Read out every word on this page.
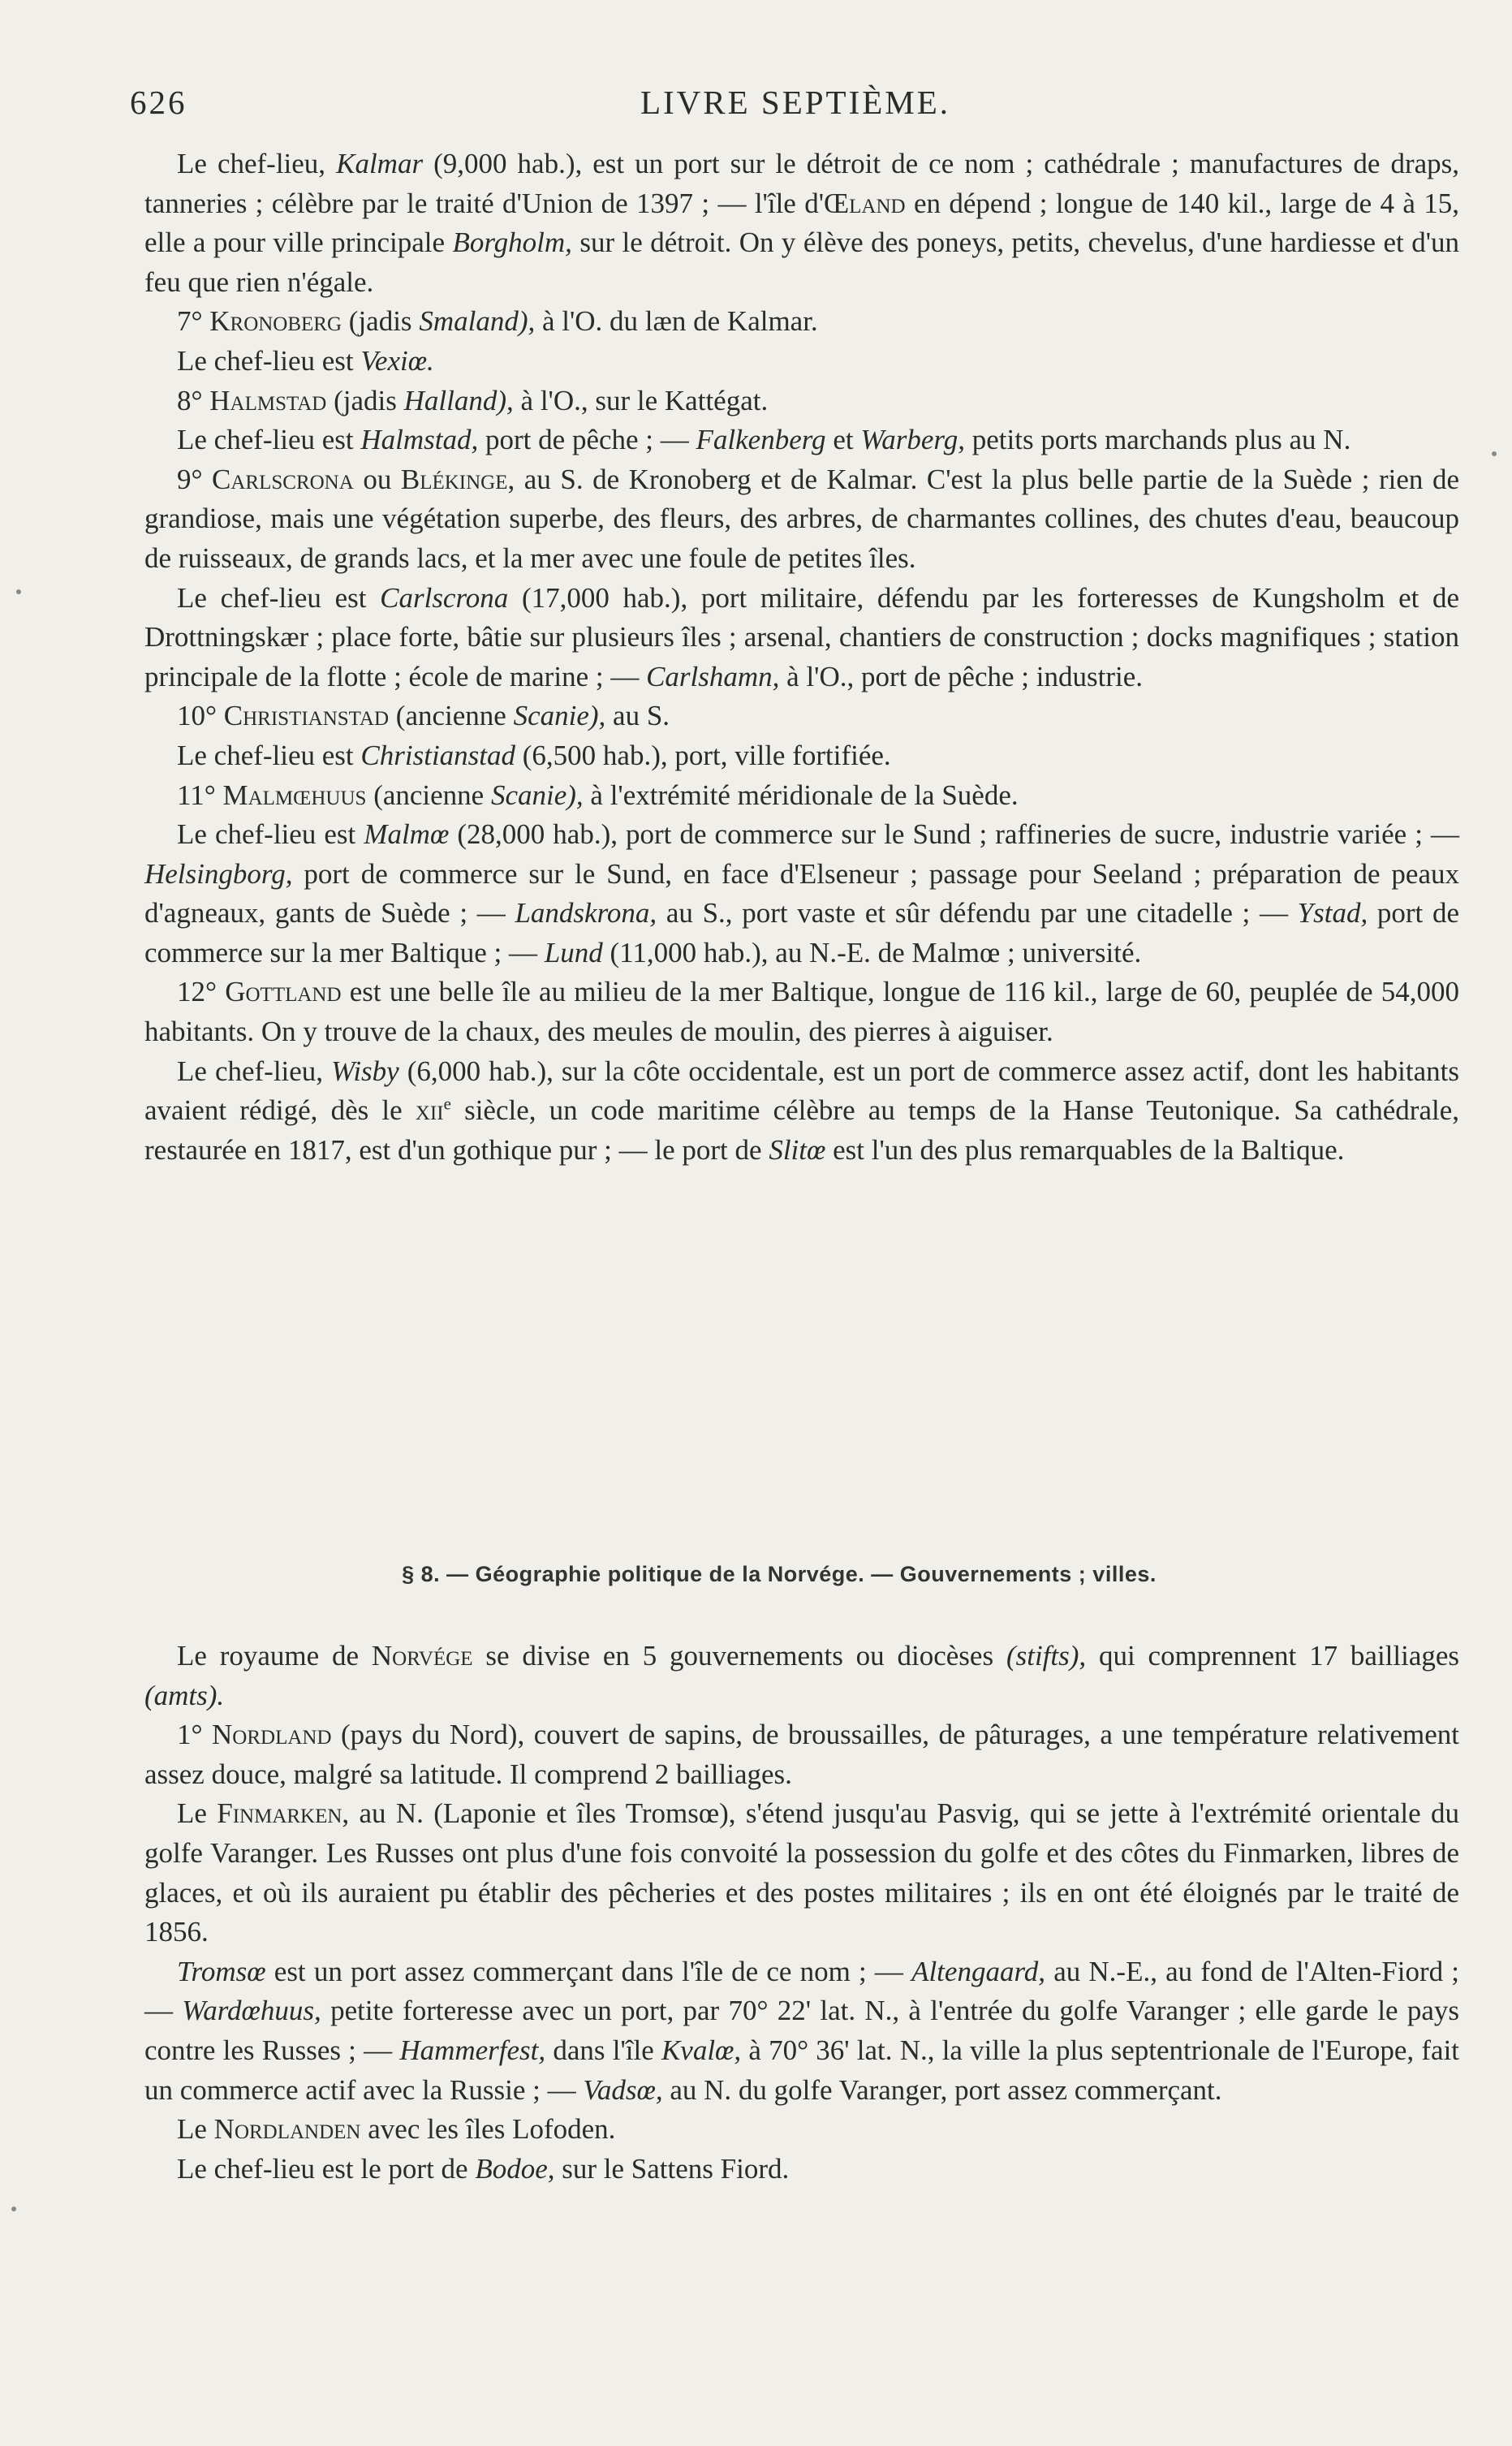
626	LIVRE SEPTIÈME.

Le chef-lieu, Kalmar (9,000 hab.), est un port sur le détroit de ce nom ; cathédrale ; manufactures de draps, tanneries ; célèbre par le traité d'Union de 1397 ; — l'île d'Œland en dépend ; longue de 140 kil., large de 4 à 15, elle a pour ville principale Borgholm, sur le détroit. On y élève des poneys, petits, chevelus, d'une hardiesse et d'un feu que rien n'égale.

7° Kronoberg (jadis Smaland), à l'O. du læn de Kalmar.

Le chef-lieu est Vexiœ.

8° Halmstad (jadis Halland), à l'O., sur le Kattégat.

Le chef-lieu est Halmstad, port de pêche ; — Falkenberg et Warberg, petits ports marchands plus au N.

9° Carlscrona ou Blékinge, au S. de Kronoberg et de Kalmar. C'est la plus belle partie de la Suède ; rien de grandiose, mais une végétation superbe, des fleurs, des arbres, de charmantes collines, des chutes d'eau, beaucoup de ruisseaux, de grands lacs, et la mer avec une foule de petites îles.

Le chef-lieu est Carlscrona (17,000 hab.), port militaire, défendu par les forteresses de Kungsholm et de Drottningskær ; place forte, bâtie sur plusieurs îles ; arsenal, chantiers de construction ; docks magnifiques ; station principale de la flotte ; école de marine ; — Carlshamn, à l'O., port de pêche ; industrie.

10° Christianstad (ancienne Scanie), au S.

Le chef-lieu est Christianstad (6,500 hab.), port, ville fortifiée.

11° Malmœhuus (ancienne Scanie), à l'extrémité méridionale de la Suède.

Le chef-lieu est Malmœ (28,000 hab.), port de commerce sur le Sund ; raffineries de sucre, industrie variée ; — Helsingborg, port de commerce sur le Sund, en face d'Elseneur ; passage pour Seeland ; préparation de peaux d'agneaux, gants de Suède ; — Landskrona, au S., port vaste et sûr défendu par une citadelle ; — Ystad, port de commerce sur la mer Baltique ; — Lund (11,000 hab.), au N.-E. de Malmœ ; université.

12° Gottland est une belle île au milieu de la mer Baltique, longue de 116 kil., large de 60, peuplée de 54,000 habitants. On y trouve de la chaux, des meules de moulin, des pierres à aiguiser.

Le chef-lieu, Wisby (6,000 hab.), sur la côte occidentale, est un port de commerce assez actif, dont les habitants avaient rédigé, dès le xii$^e$ siècle, un code maritime célèbre au temps de la Hanse Teutonique. Sa cathédrale, restaurée en 1817, est d'un gothique pur ; — le port de Slitœ est l'un des plus remarquables de la Baltique.

§ 8. — Géographie politique de la Norvége. — Gouvernements ; villes.

Le royaume de Norvége se divise en 5 gouvernements ou diocèses (stifts), qui comprennent 17 bailliages (amts).

1° Nordland (pays du Nord), couvert de sapins, de broussailles, de pâturages, a une température relativement assez douce, malgré sa latitude. Il comprend 2 bailliages.

Le Finmarken, au N. (Laponie et îles Tromsœ), s'étend jusqu'au Pasvig, qui se jette à l'extrémité orientale du golfe Varanger. Les Russes ont plus d'une fois convoité la possession du golfe et des côtes du Finmarken, libres de glaces, et où ils auraient pu établir des pêcheries et des postes militaires ; ils en ont été éloignés par le traité de 1856.

Tromsœ est un port assez commerçant dans l'île de ce nom ; — Altengaard, au N.-E., au fond de l'Alten-Fiord ; — Wardœhuus, petite forteresse avec un port, par 70° 22' lat. N., à l'entrée du golfe Varanger ; elle garde le pays contre les Russes ; — Hammerfest, dans l'île Kvalœ, à 70° 36' lat. N., la ville la plus septentrionale de l'Europe, fait un commerce actif avec la Russie ; — Vadsœ, au N. du golfe Varanger, port assez commerçant.

Le Nordlanden avec les îles Lofoden.

Le chef-lieu est le port de Bodoe, sur le Sattens Fiord.
